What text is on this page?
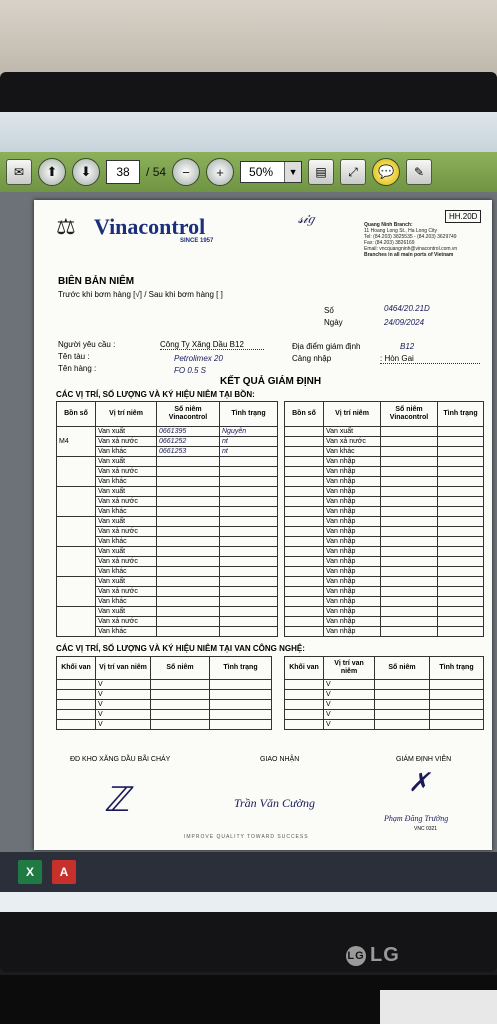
✉	⬆	⬇	38	/ 54	−	+	50%	▼	▤	⤢	💬	✎
⚖ Vinacontrol
SINCE 1957
HH.20D
𝓈𝒾𝑔	Quang Ninh Branch:
11 Hoang Long St., Ha Long City
Tel: (84.203) 3825535 - (84.203) 3629749
Fax: (84.203) 3826169
Email: vncquangninh@vinacontrol.com.vn
Branches in all main ports of Vietnam
BIÊN BẢN NIÊM
Trước khi bơm hàng [√] / Sau khi bơm hàng [ ]
Số	0464/20.21D
Ngày	24/09/2024
Người yêu cầu :	Công Ty Xăng Dầu B12
Tên tàu :	Petrolimex 20
Tên hàng :	FO 0.5 S
Địa điểm giám định	B12
Cảng nhập	: Hòn Gai
KẾT QUẢ GIÁM ĐỊNH
CÁC VỊ TRÍ, SỐ LƯỢNG VÀ KÝ HIỆU NIÊM TẠI BỒN:
Bồn số	Vị trí niêm	Số niêm Vinacontrol	Tình trạng
M4	Van xuất	0661395	Nguyên
	Van xả nước	0661252	nt
	Van khác	0661253	nt
	Van xuất		
	Van xả nước		
	Van khác		
	Van xuất		
	Van xả nước		
	Van khác		
	Van xuất		
	Van xả nước		
	Van khác		
	Van xuất		
	Van xả nước		
	Van khác		
	Van xuất		
	Van xả nước		
	Van khác		
	Van xuất		
	Van xả nước		
	Van khác		
Bồn số	Vị trí niêm	Số niêm Vinacontrol	Tình trạng
	Van xuất		
	Van xả nước		
	Van khác		
	Van nhập		
	Van nhập		
	Van nhập		
	Van nhập		
	Van nhập		
	Van nhập		
	Van nhập		
	Van nhập		
	Van nhập		
	Van nhập		
	Van nhập		
	Van nhập		
	Van nhập		
	Van nhập		
	Van nhập		
	Van nhập		
	Van nhập		
	Van nhập		
CÁC VỊ TRÍ, SỐ LƯỢNG VÀ KÝ HIỆU NIÊM TẠI VAN CÔNG NGHỆ:
Khối van	Vị trí van niêm	Số niêm	Tình trạng
	V		
	V		
	V		
	V		
	V		
Khối van	Vị trí van niêm	Số niêm	Tình trạng
	V		
	V		
	V		
	V		
	V		
ĐD KHO XĂNG DẦU BÃI CHÁY	GIAO NHẬN	GIÁM ĐỊNH VIÊN
ℤ	Trần Văn Cường
✗
Phạm Đăng Trường
VNC 0321
IMPROVE QUALITY TOWARD SUCCESS
X	A
LG LG
